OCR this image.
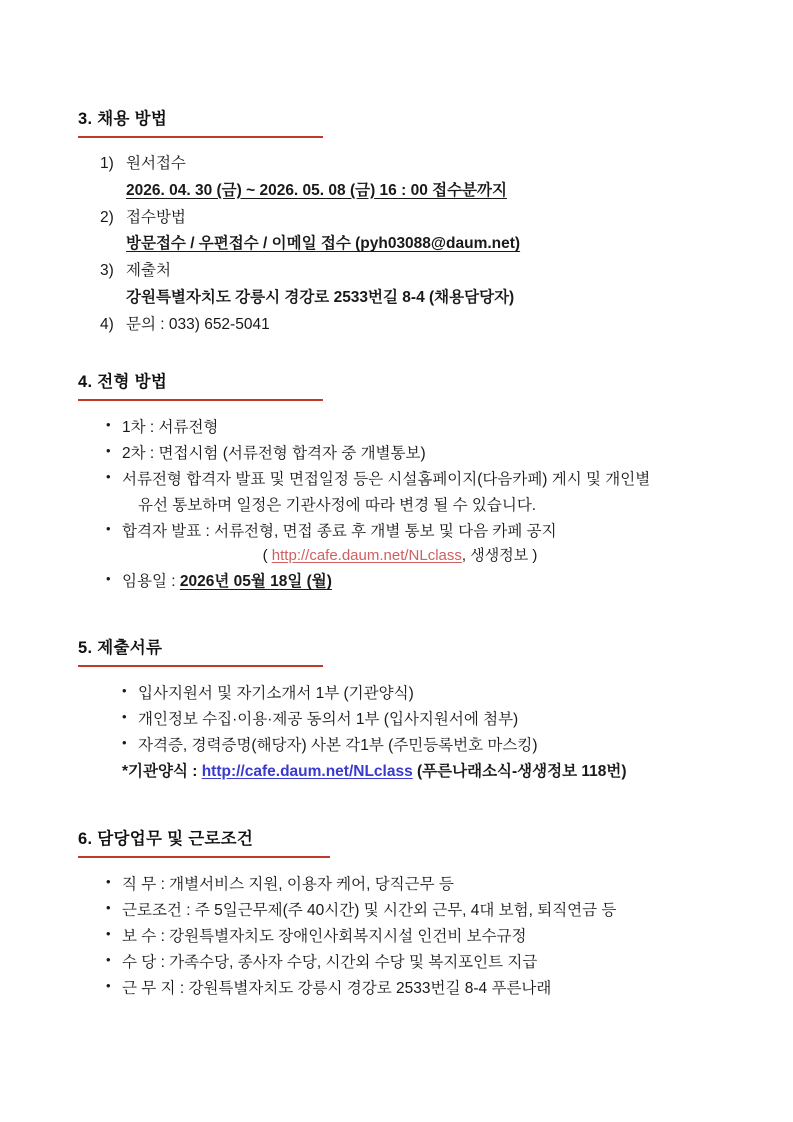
3. 채용 방법
1) 원서접수
2026. 04. 30 (금) ~ 2026. 05. 08 (금) 16 : 00 접수분까지
2) 접수방법
방문접수 / 우편접수 / 이메일 접수 (pyh03088@daum.net)
3) 제출처
강원특별자치도 강릉시 경강로 2533번길 8-4 (채용담당자)
4) 문의 : 033) 652-5041
4. 전형 방법
• 1차 : 서류전형
• 2차 : 면접시험 (서류전형 합격자 중 개별통보)
• 서류전형 합격자 발표 및 면접일정 등은 시설홈페이지(다음카페) 게시 및 개인별
유선 통보하며 일정은 기관사정에 따라 변경 될 수 있습니다.
• 합격자 발표 : 서류전형, 면접 종료 후 개별 통보 및 다음 카페 공지
( http://cafe.daum.net/NLclass, 생생정보 )
• 임용일 : 2026년 05월 18일 (월)
5. 제출서류
• 입사지원서 및 자기소개서 1부 (기관양식)
• 개인정보 수집·이용·제공 동의서 1부 (입사지원서에 첨부)
• 자격증, 경력증명(해당자) 사본 각1부 (주민등록번호 마스킹)
*기관양식 : http://cafe.daum.net/NLclass (푸른나래소식-생생정보 118번)
6. 담당업무 및 근로조건
• 직 무 : 개별서비스 지원, 이용자 케어, 당직근무 등
• 근로조건 : 주 5일근무제(주 40시간) 및 시간외 근무, 4대 보험, 퇴직연금 등
• 보 수 : 강원특별자치도 장애인사회복지시설 인건비 보수규정
• 수 당 : 가족수당, 종사자 수당, 시간외 수당 및 복지포인트 지급
• 근 무 지 : 강원특별자치도 강릉시 경강로 2533번길 8-4 푸른나래
